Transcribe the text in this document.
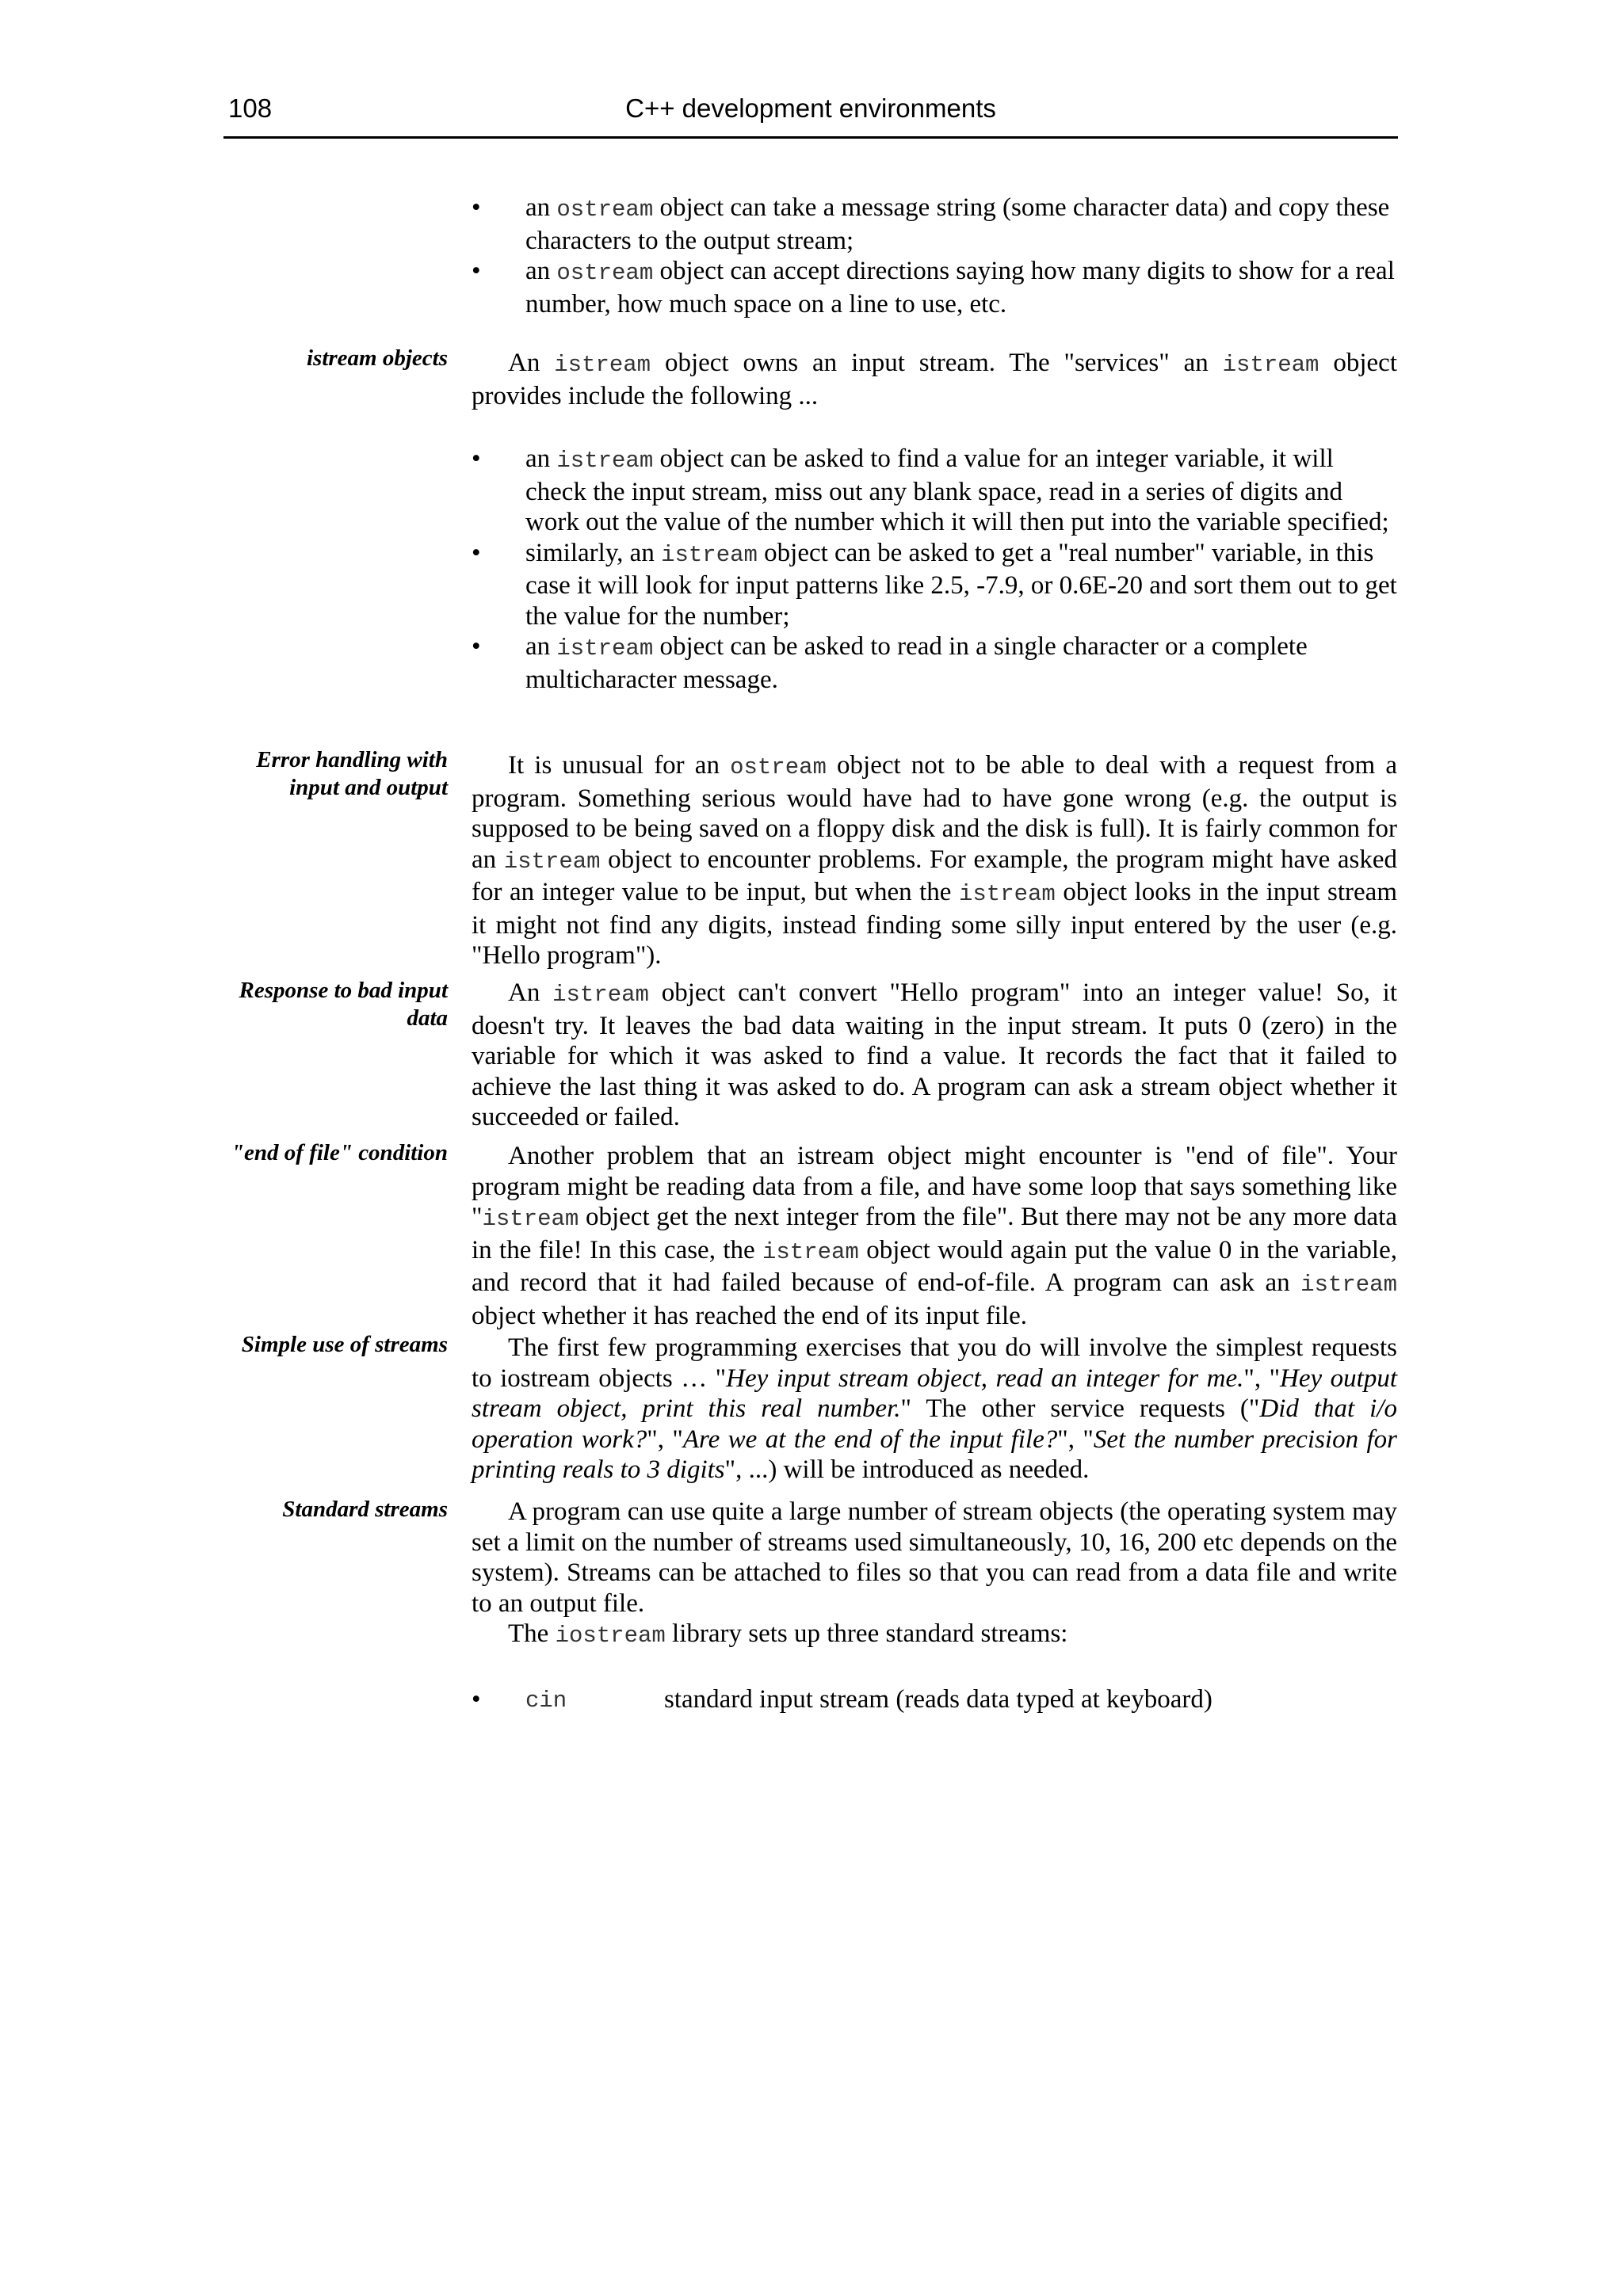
108	C++ development environments
• an ostream object can take a message string (some character data) and copy these characters to the output stream;
• an ostream object can accept directions saying how many digits to show for a real number, how much space on a line to use, etc.
istream objects	An istream object owns an input stream. The "services" an istream object provides include the following ...

• an istream object can be asked to find a value for an integer variable, it will check the input stream, miss out any blank space, read in a series of digits and work out the value of the number which it will then put into the variable specified;
• similarly, an istream object can be asked to get a "real number" variable, in this case it will look for input patterns like 2.5, -7.9, or 0.6E-20 and sort them out to get the value for the number;
• an istream object can be asked to read in a single character or a complete multicharacter message.
Error handling with input and output

It is unusual for an ostream object not to be able to deal with a request from a program. Something serious would have had to have gone wrong (e.g. the output is supposed to be being saved on a floppy disk and the disk is full). It is fairly common for an istream object to encounter problems. For example, the program might have asked for an integer value to be input, but when the istream object looks in the input stream it might not find any digits, instead finding some silly input entered by the user (e.g. "Hello program").

Response to bad input data

An istream object can't convert "Hello program" into an integer value! So, it doesn't try. It leaves the bad data waiting in the input stream. It puts 0 (zero) in the variable for which it was asked to find a value. It records the fact that it failed to achieve the last thing it was asked to do. A program can ask a stream object whether it succeeded or failed.

"end of file" condition	Another problem that an istream object might encounter is "end of file". Your program might be reading data from a file, and have some loop that says something like "istream object get the next integer from the file". But there may not be any more data in the file! In this case, the istream object would again put the value 0 in the variable, and record that it had failed because of end-of-file. A program can ask an istream object whether it has reached the end of its input file.

Simple use of streams	The first few programming exercises that you do will involve the simplest requests to iostream objects … "Hey input stream object, read an integer for me.", "Hey output stream object, print this real number." The other service requests ("Did that i/o operation work?", "Are we at the end of the input file?", "Set the number precision for printing reals to 3 digits", ...) will be introduced as needed.

Standard streams	A program can use quite a large number of stream objects (the operating system may set a limit on the number of streams used simultaneously, 10, 16, 200 etc depends on the system). Streams can be attached to files so that you can read from a data file and write to an output file.

The iostream library sets up three standard streams:

• cin	standard input stream (reads data typed at keyboard)
